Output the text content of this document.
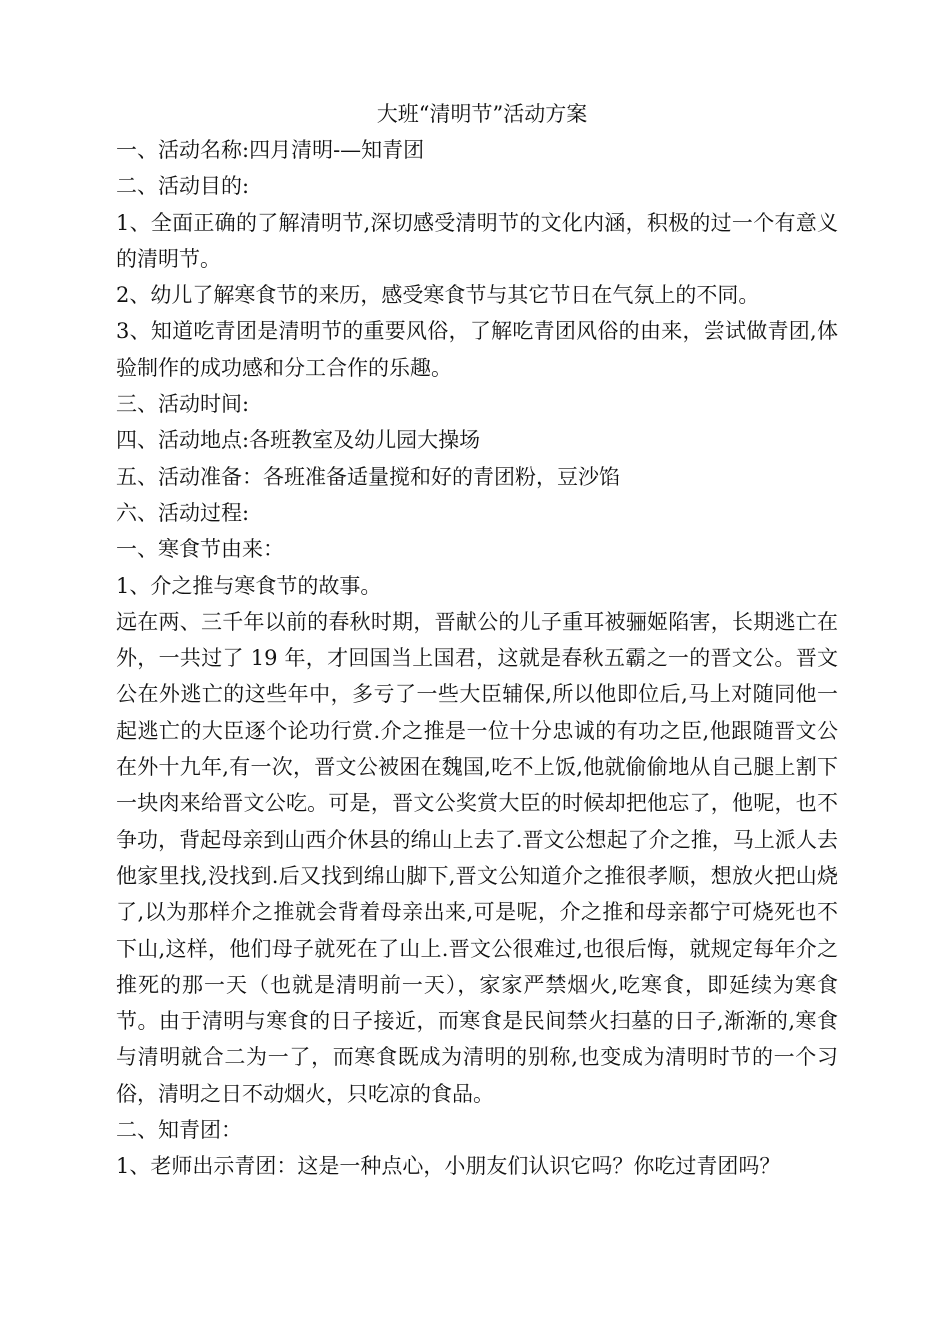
大班“清明节”活动方案

一、活动名称:四月清明-—知青团

二、活动目的:

1、全面正确的了解清明节,深切感受清明节的文化内涵，积极的过一个有意义的清明节。

2、幼儿了解寒食节的来历，感受寒食节与其它节日在气氛上的不同。

3、知道吃青团是清明节的重要风俗，了解吃青团风俗的由来，尝试做青团,体验制作的成功感和分工合作的乐趣。

三、活动时间:

四、活动地点:各班教室及幼儿园大操场

五、活动准备：各班准备适量搅和好的青团粉，豆沙馅

六、活动过程:

一、寒食节由来：

1、介之推与寒食节的故事。

远在两、三千年以前的春秋时期，晋献公的儿子重耳被骊姬陷害，长期逃亡在外，一共过了 19 年，才回国当上国君，这就是春秋五霸之一的晋文公。晋文公在外逃亡的这些年中，多亏了一些大臣辅保,所以他即位后,马上对随同他一起逃亡的大臣逐个论功行赏.介之推是一位十分忠诚的有功之臣,他跟随晋文公在外十九年,有一次，晋文公被困在魏国,吃不上饭,他就偷偷地从自己腿上割下一块肉来给晋文公吃。可是，晋文公奖赏大臣的时候却把他忘了，他呢，也不争功，背起母亲到山西介休县的绵山上去了.晋文公想起了介之推，马上派人去他家里找,没找到.后又找到绵山脚下,晋文公知道介之推很孝顺，想放火把山烧了,以为那样介之推就会背着母亲出来,可是呢，介之推和母亲都宁可烧死也不下山,这样，他们母子就死在了山上.晋文公很难过,也很后悔，就规定每年介之推死的那一天（也就是清明前一天），家家严禁烟火,吃寒食，即延续为寒食节。由于清明与寒食的日子接近，而寒食是民间禁火扫墓的日子,渐渐的,寒食与清明就合二为一了，而寒食既成为清明的别称,也变成为清明时节的一个习俗，清明之日不动烟火，只吃凉的食品。

二、知青团：

1、老师出示青团：这是一种点心，小朋友们认识它吗？你吃过青团吗？
